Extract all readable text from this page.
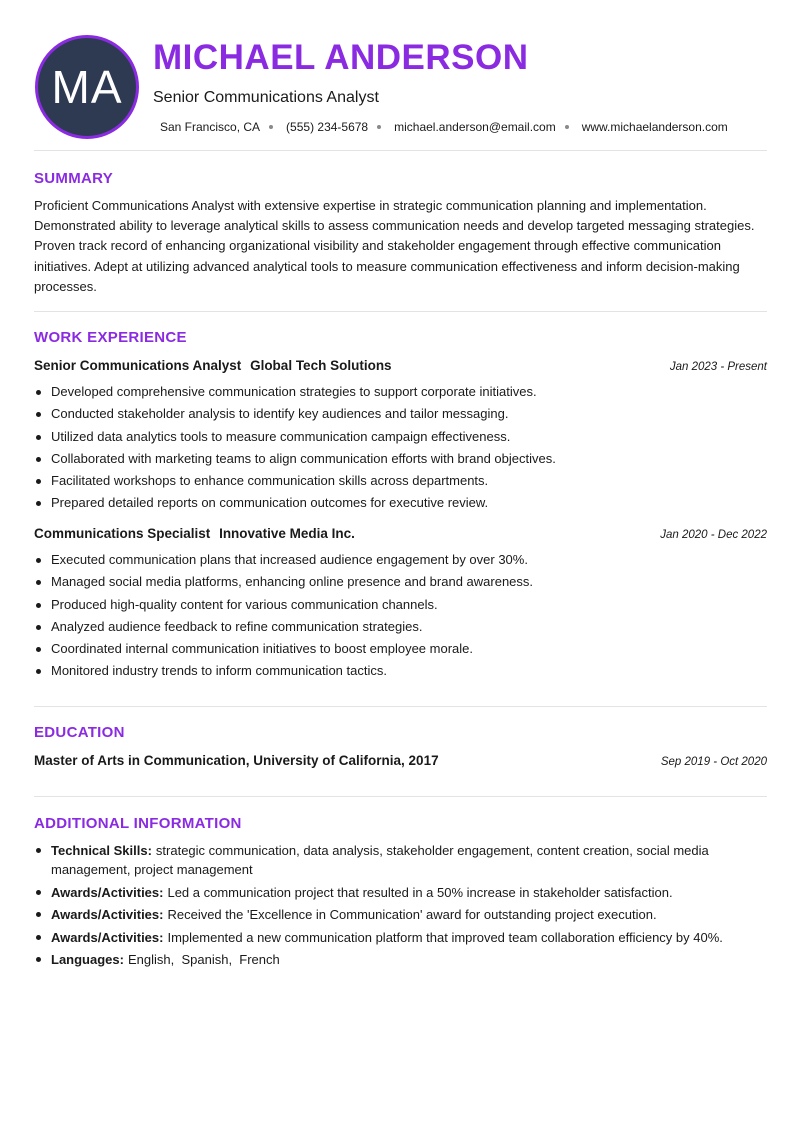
MA
MICHAEL ANDERSON
Senior Communications Analyst
San Francisco, CA (555) 234-5678 michael.anderson@email.com www.michaelanderson.com
SUMMARY

Proficient Communications Analyst with extensive expertise in strategic communication planning and implementation. Demonstrated ability to leverage analytical skills to assess communication needs and develop targeted messaging strategies. Proven track record of enhancing organizational visibility and stakeholder engagement through effective communication initiatives. Adept at utilizing advanced analytical tools to measure communication effectiveness and inform decision-making processes.

WORK EXPERIENCE
Senior Communications Analyst Global Tech Solutions	Jan 2023 - Present
Developed comprehensive communication strategies to support corporate initiatives.
Conducted stakeholder analysis to identify key audiences and tailor messaging.
Utilized data analytics tools to measure communication campaign effectiveness.
Collaborated with marketing teams to align communication efforts with brand objectives.
Facilitated workshops to enhance communication skills across departments.
Prepared detailed reports on communication outcomes for executive review.
Communications Specialist Innovative Media Inc.	Jan 2020 - Dec 2022
Executed communication plans that increased audience engagement by over 30%.
Managed social media platforms, enhancing online presence and brand awareness.
Produced high-quality content for various communication channels.
Analyzed audience feedback to refine communication strategies.
Coordinated internal communication initiatives to boost employee morale.
Monitored industry trends to inform communication tactics.
EDUCATION
Master of Arts in Communication, University of California, 2017	Sep 2019 - Oct 2020
ADDITIONAL INFORMATION
Technical Skills: strategic communication, data analysis, stakeholder engagement, content creation, social media management, project management
Awards/Activities: Led a communication project that resulted in a 50% increase in stakeholder satisfaction.
Awards/Activities: Received the 'Excellence in Communication' award for outstanding project execution.
Awards/Activities: Implemented a new communication platform that improved team collaboration efficiency by 40%.
Languages: English , Spanish , French
